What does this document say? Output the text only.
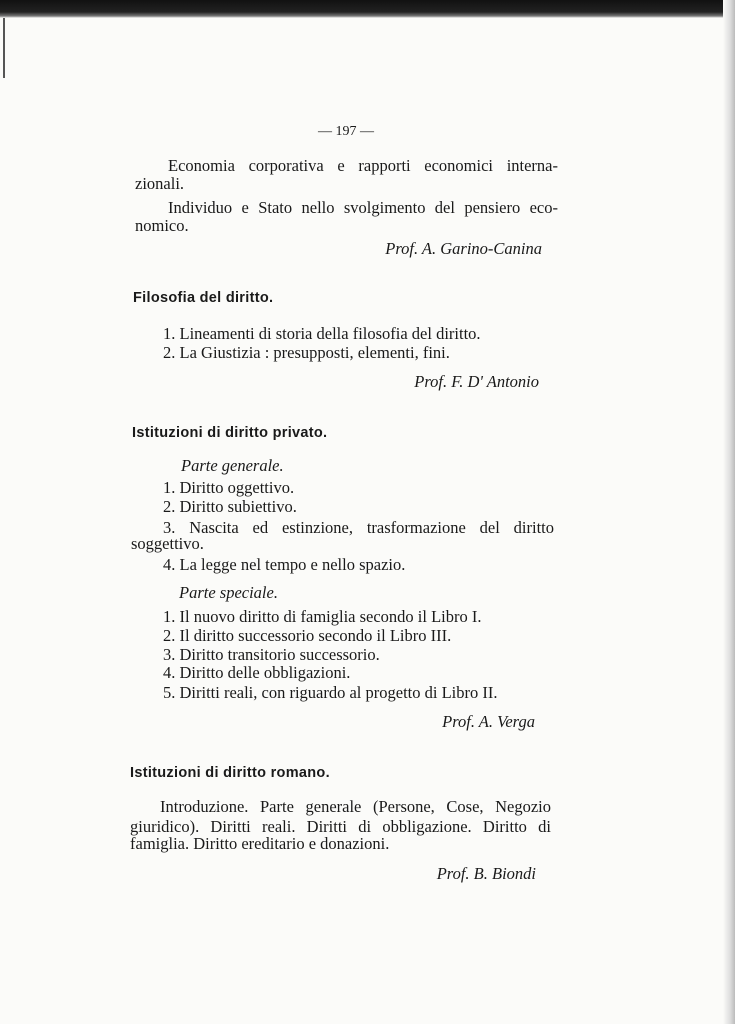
— 197 —
Economia corporativa e rapporti economici interna-
zionali.
Individuo e Stato nello svolgimento del pensiero eco-
nomico.
Prof. A. Garino-Canina
Filosofia del diritto.
1. Lineamenti di storia della filosofia del diritto.
2. La Giustizia : presupposti, elementi, fini.
Prof. F. D' Antonio
Istituzioni di diritto privato.
Parte generale.
1. Diritto oggettivo.
2. Diritto subiettivo.
3. Nascita ed estinzione, trasformazione del diritto
soggettivo.
4. La legge nel tempo e nello spazio.
Parte speciale.
1. Il nuovo diritto di famiglia secondo il Libro I.
2. Il diritto successorio secondo il Libro III.
3. Diritto transitorio successorio.
4. Diritto delle obbligazioni.
5. Diritti reali, con riguardo al progetto di Libro II.
Prof. A. Verga
Istituzioni di diritto romano.
Introduzione. Parte generale (Persone, Cose, Negozio
giuridico). Diritti reali. Diritti di obbligazione. Diritto di
famiglia. Diritto ereditario e donazioni.
Prof. B. Biondi
